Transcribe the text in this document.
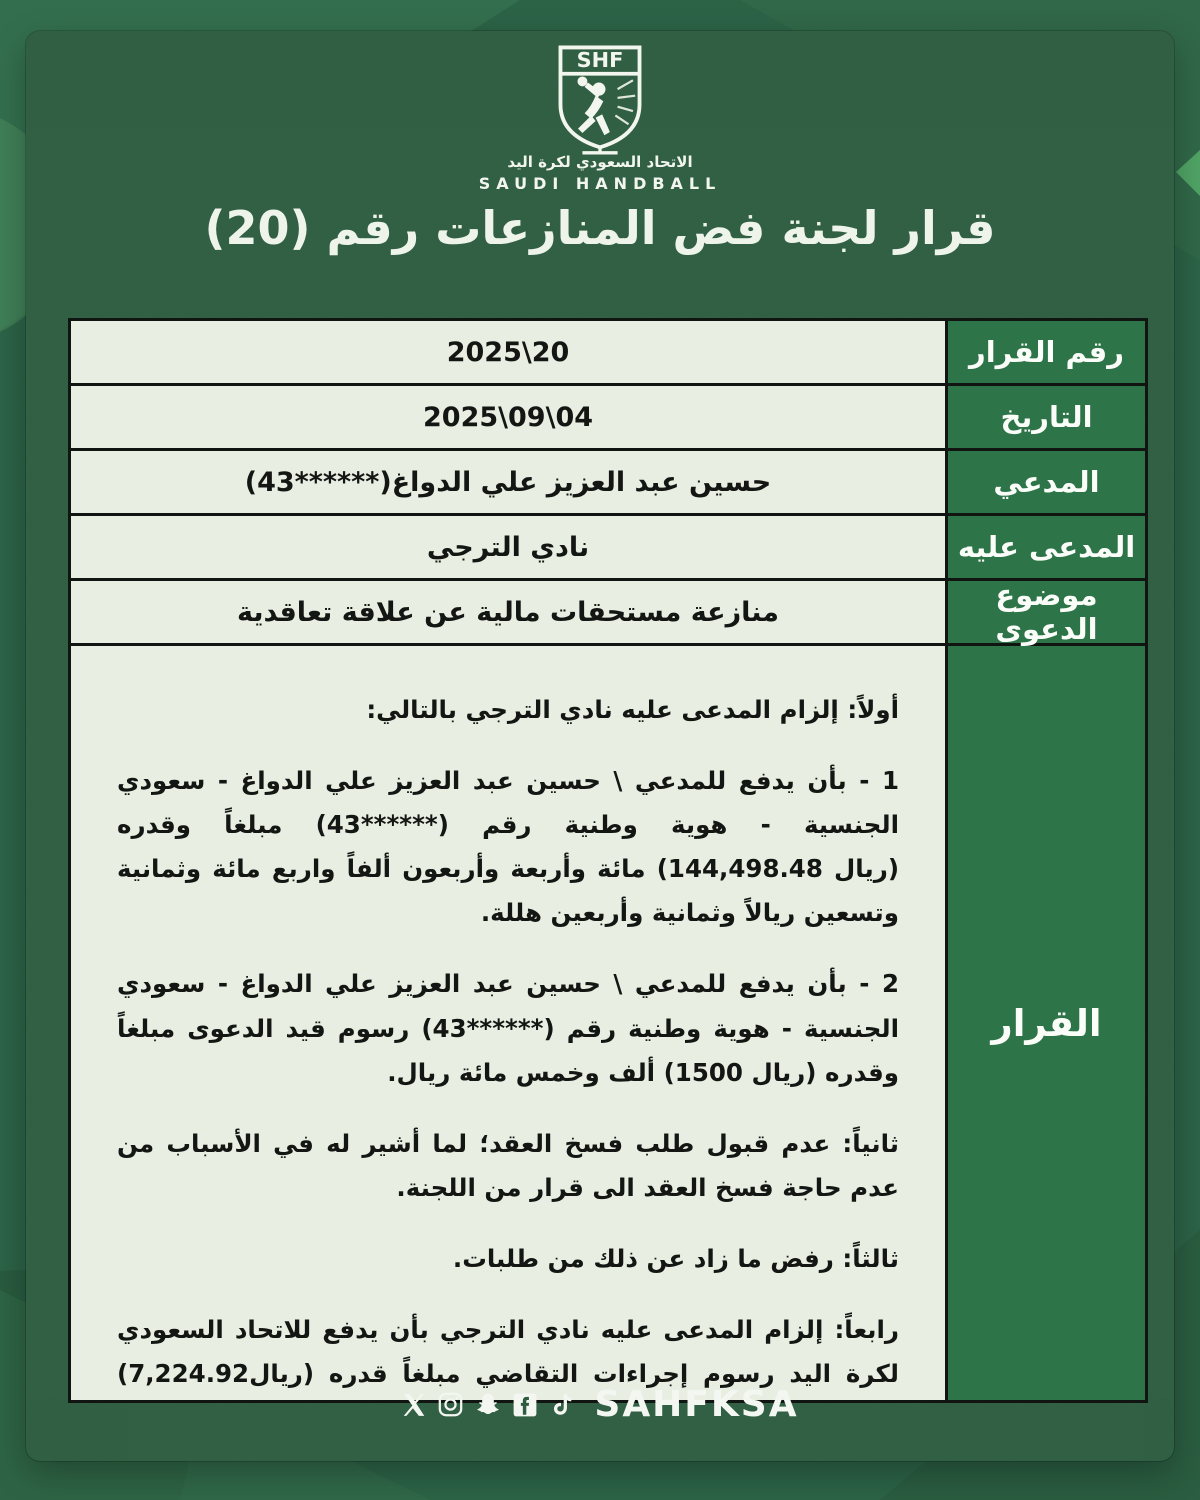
SHF
الاتحاد السعودي لكرة اليد
SAUDI HANDBALL
قرار لجنة فض المنازعات رقم (20)
رقم القرار
2025\20
التاريخ
2025\09\04
المدعي
حسين عبد العزيز علي الدواغ
(43******)
المدعى عليه
نادي الترجي
موضوع الدعوى
منازعة مستحقات مالية عن علاقة تعاقدية
القرار

أولاً: إلزام المدعى عليه نادي الترجي بالتالي:

1 - بأن يدفع للمدعي \ حسين عبد العزيز علي الدواغ - سعودي الجنسية - هوية وطنية رقم (43******) مبلغاً وقدره (144,498.48 ريال) مائة وأربعة وأربعون ألفاً واربع مائة وثمانية وتسعين ريالاً وثمانية وأربعين هللة.

2 - بأن يدفع للمدعي \ حسين عبد العزيز علي الدواغ - سعودي الجنسية - هوية وطنية رقم (43******) رسوم قيد الدعوى مبلغاً وقدره (1500 ريال) ألف وخمس مائة ريال.

ثانياً: عدم قبول طلب فسخ العقد؛ لما أشير له في الأسباب من عدم حاجة فسخ العقد الى قرار من اللجنة.

ثالثاً: رفض ما زاد عن ذلك من طلبات.

رابعاً: إلزام المدعى عليه نادي الترجي بأن يدفع للاتحاد السعودي لكرة اليد رسوم إجراءات التقاضي مبلغاً قدره (7,224.92ريال)

SAHFKSA
